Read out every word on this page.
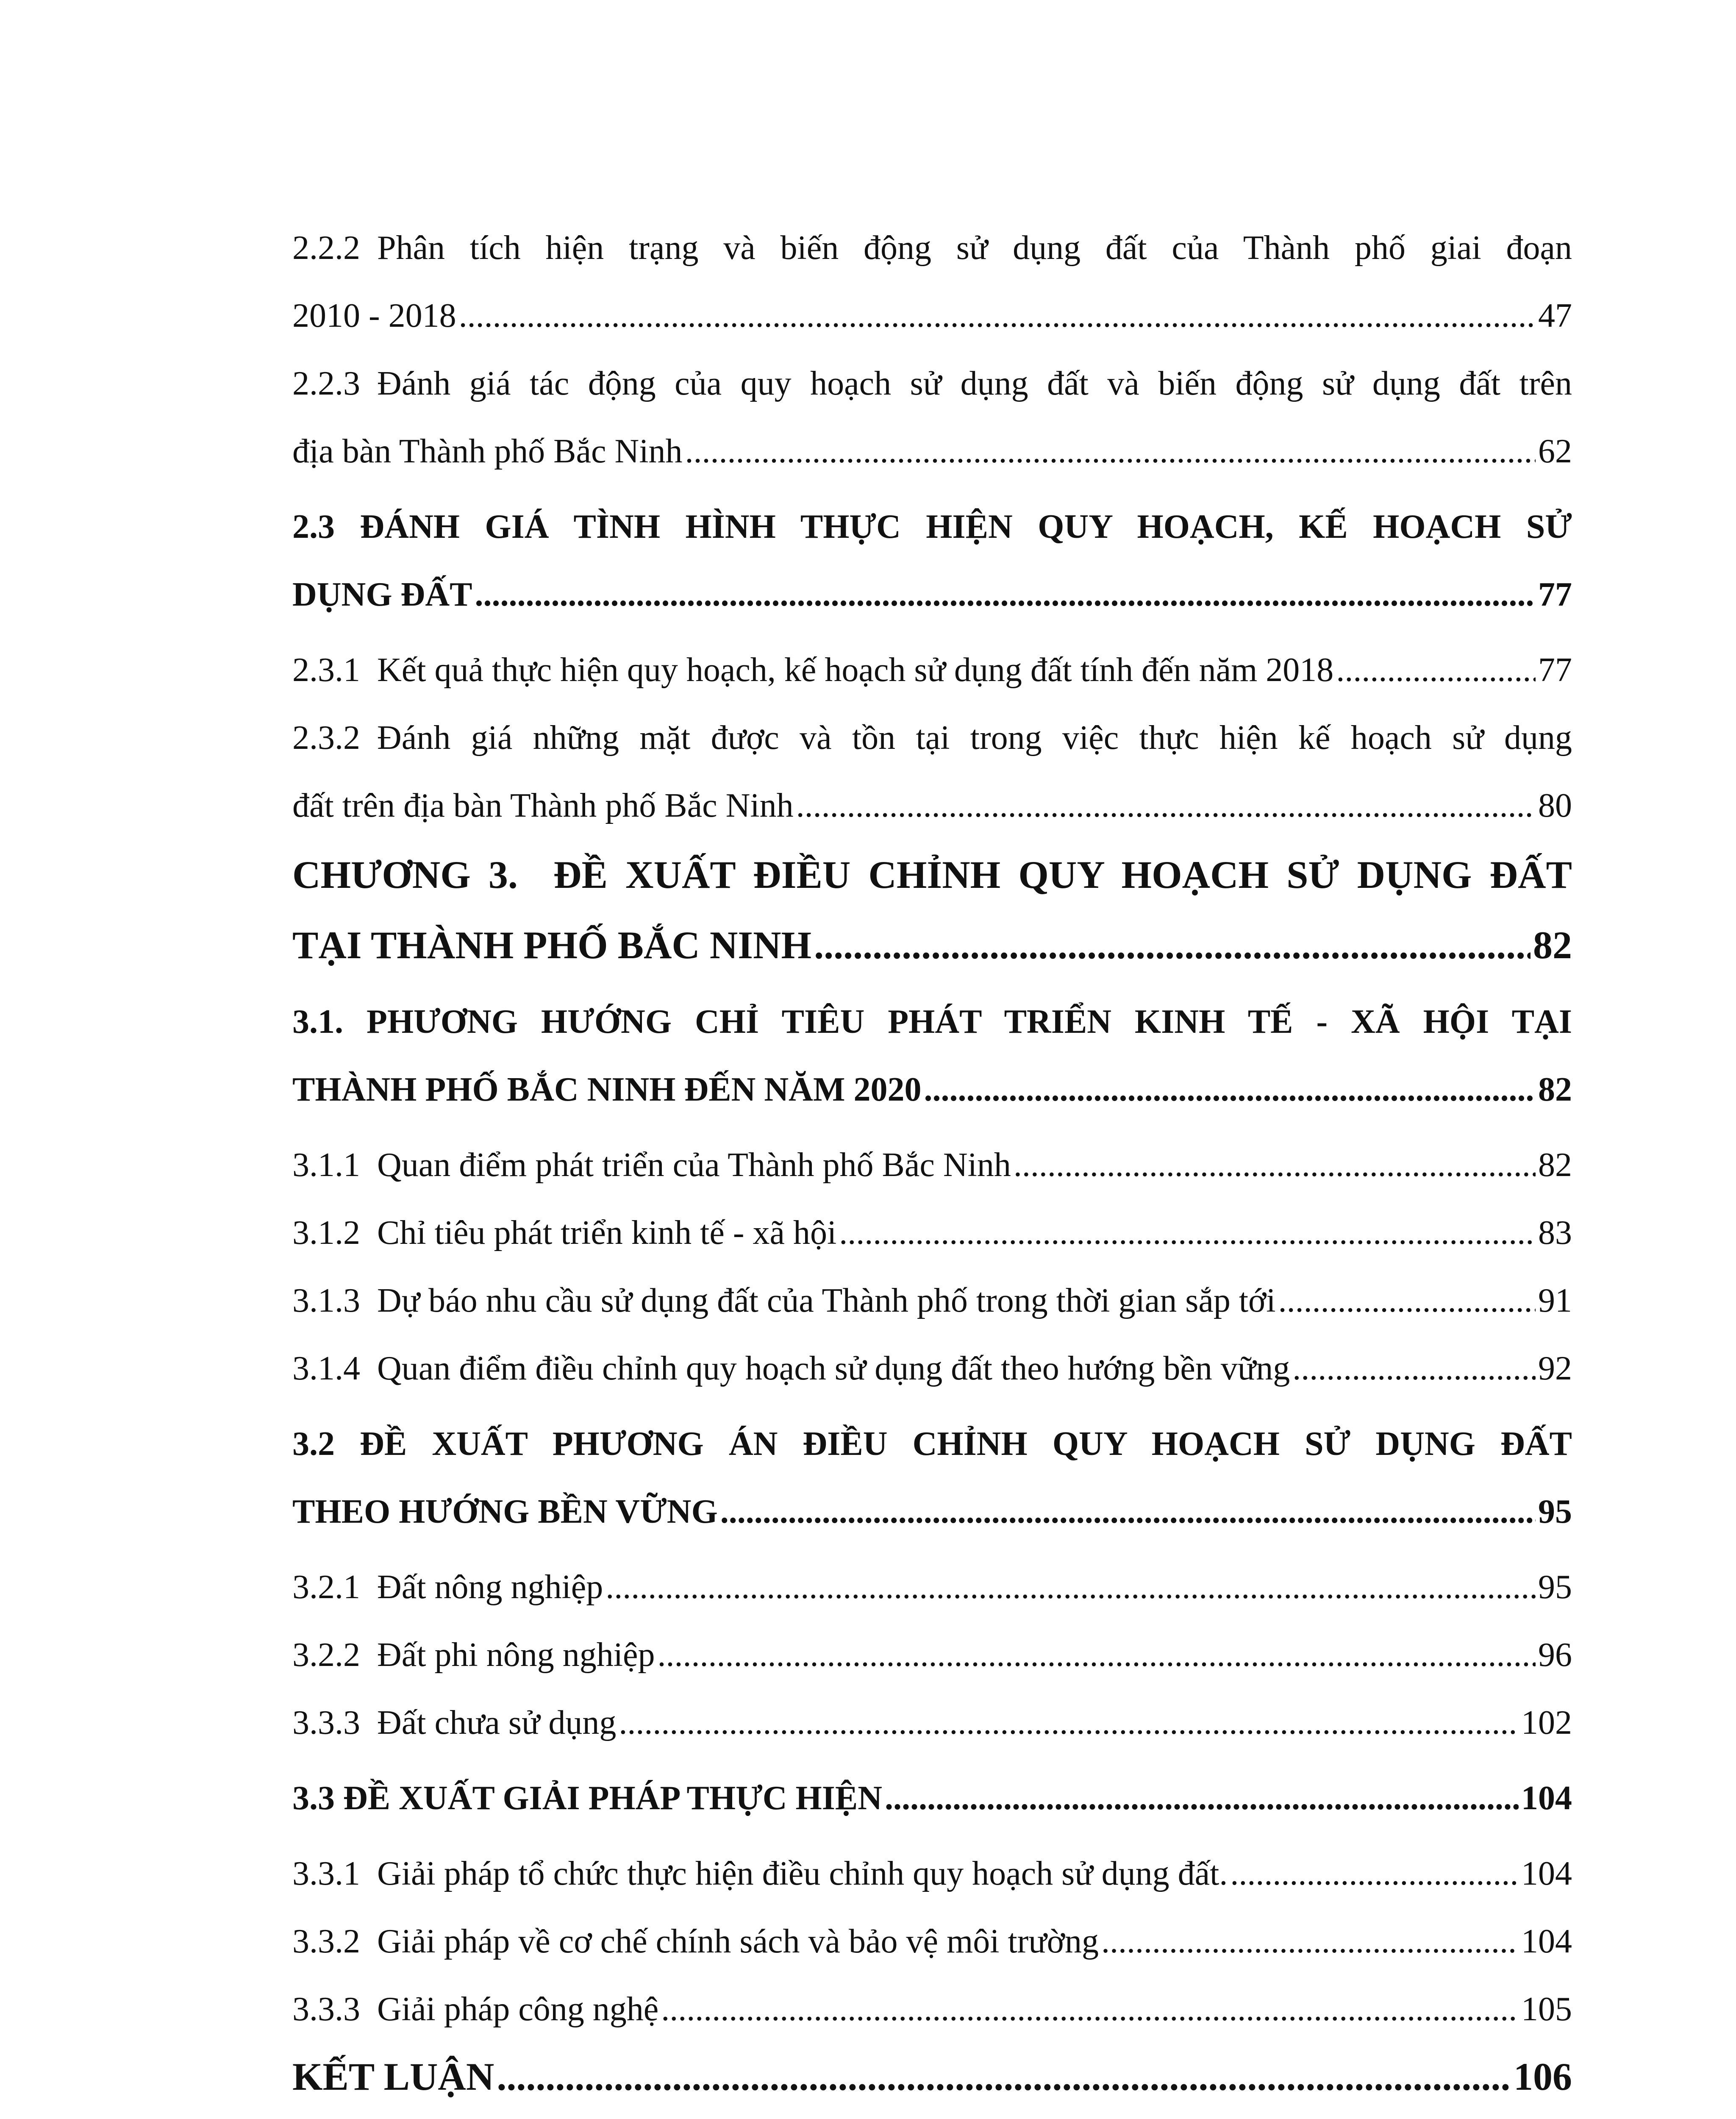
2.2.2 Phân tích hiện trạng và biến động sử dụng đất của Thành phố giai đoạn
2010 - 2018 .....	47
2.2.3 Đánh giá tác động của quy hoạch sử dụng đất và biến động sử dụng đất trên
địa bàn Thành phố Bắc Ninh .....	62
2.3 ĐÁNH GIÁ TÌNH HÌNH THỰC HIỆN QUY HOẠCH, KẾ HOẠCH SỬ
DỤNG ĐẤT .....	77
2.3.1 Kết quả thực hiện quy hoạch, kế hoạch sử dụng đất tính đến năm 2018 .....	77
2.3.2 Đánh giá những mặt được và tồn tại trong việc thực hiện kế hoạch sử dụng
đất trên địa bàn Thành phố Bắc Ninh .....	80
CHƯƠNG 3.  ĐỀ XUẤT ĐIỀU CHỈNH QUY HOẠCH SỬ DỤNG ĐẤT
TẠI THÀNH PHỐ BẮC NINH .....	82
3.1. PHƯƠNG HƯỚNG CHỈ TIÊU PHÁT TRIỂN KINH TẾ - XÃ HỘI TẠI
THÀNH PHỐ BẮC NINH ĐẾN NĂM 2020 .....	82
3.1.1 Quan điểm phát triển của Thành phố Bắc Ninh .....	82
3.1.2 Chỉ tiêu phát triển kinh tế - xã hội .....	83
3.1.3 Dự báo nhu cầu sử dụng đất của Thành phố trong thời gian sắp tới .....	91
3.1.4 Quan điểm điều chỉnh quy hoạch sử dụng đất theo hướng bền vững .....	92
3.2 ĐỀ XUẤT PHƯƠNG ÁN ĐIỀU CHỈNH QUY HOẠCH SỬ DỤNG ĐẤT
THEO HƯỚNG BỀN VỮNG .....	95
3.2.1 Đất nông nghiệp .....	95
3.2.2 Đất phi nông nghiệp .....	96
3.3.3 Đất chưa sử dụng .....	102
3.3 ĐỀ XUẤT GIẢI PHÁP THỰC HIỆN .....	104
3.3.1 Giải pháp tổ chức thực hiện điều chỉnh quy hoạch sử dụng đất. .....	104
3.3.2 Giải pháp về cơ chế chính sách và bảo vệ môi trường .....	104
3.3.3 Giải pháp công nghệ .....	105
KẾT LUẬN .....	106
.....
